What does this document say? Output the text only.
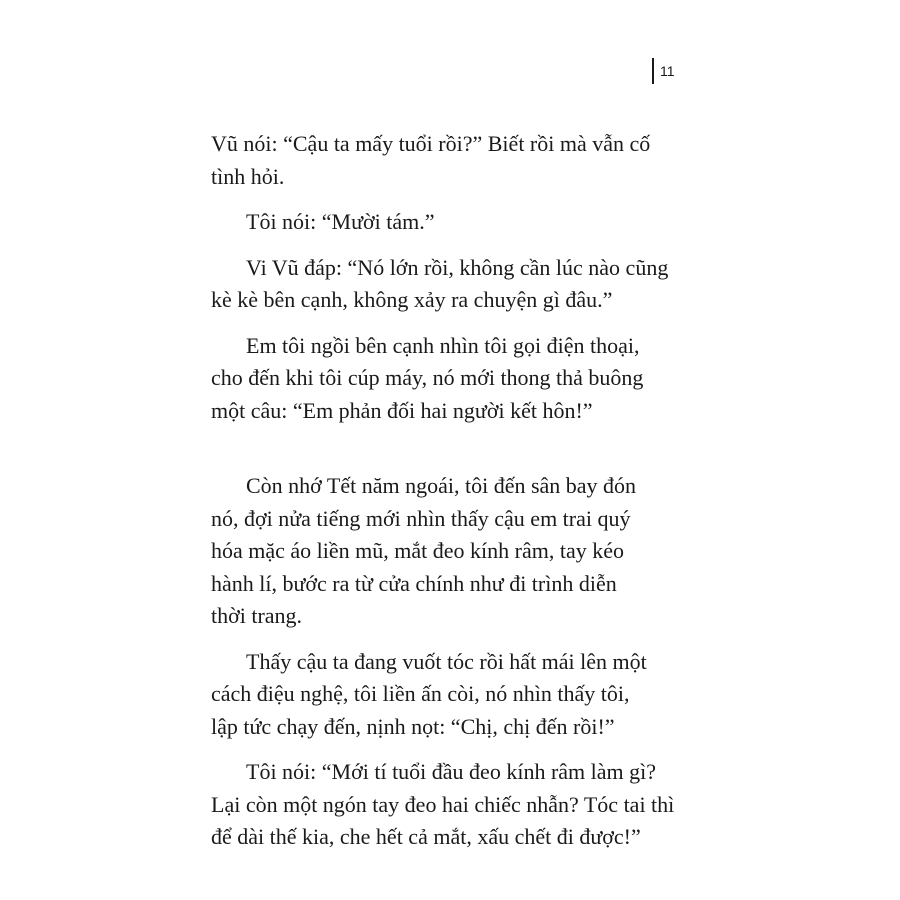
11

Vũ nói: “Cậu ta mấy tuổi rồi?” Biết rồi mà vẫn cố
tình hỏi.

Tôi nói: “Mười tám.”

Vi Vũ đáp: “Nó lớn rồi, không cần lúc nào cũng
kè kè bên cạnh, không xảy ra chuyện gì đâu.”

Em tôi ngồi bên cạnh nhìn tôi gọi điện thoại,
cho đến khi tôi cúp máy, nó mới thong thả buông
một câu: “Em phản đối hai người kết hôn!”

Còn nhớ Tết năm ngoái, tôi đến sân bay đón
nó, đợi nửa tiếng mới nhìn thấy cậu em trai quý
hóa mặc áo liền mũ, mắt đeo kính râm, tay kéo
hành lí, bước ra từ cửa chính như đi trình diễn
thời trang.

Thấy cậu ta đang vuốt tóc rồi hất mái lên một
cách điệu nghệ, tôi liền ấn còi, nó nhìn thấy tôi,
lập tức chạy đến, nịnh nọt: “Chị, chị đến rồi!”

Tôi nói: “Mới tí tuổi đầu đeo kính râm làm gì?
Lại còn một ngón tay đeo hai chiếc nhẫn? Tóc tai thì
để dài thế kia, che hết cả mắt, xấu chết đi được!”
